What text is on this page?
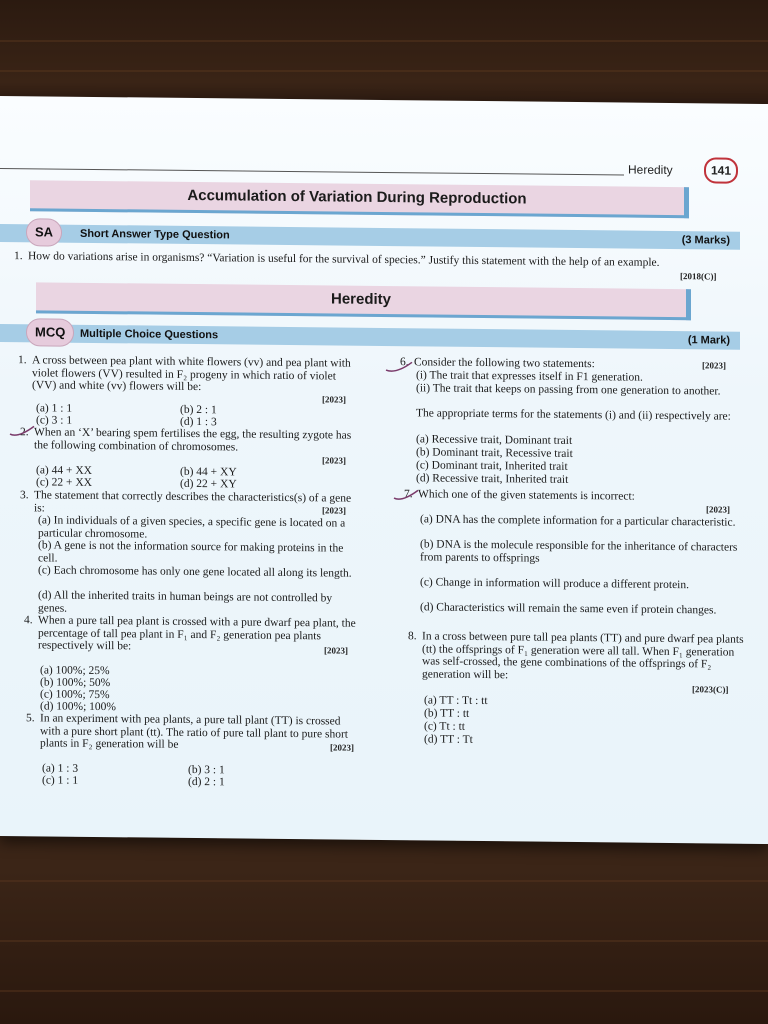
Heredity	141
Accumulation of Variation During Reproduction
SA	Short Answer Type Question	(3 Marks)
1. How do variations arise in organisms? “Variation is useful for the survival of species.” Justify this statement with the help of an example.
[2018(C)]
Heredity
MCQ	Multiple Choice Questions	(1 Mark)
1. A cross between pea plant with white flowers (vv) and pea plant with violet flowers (VV) resulted in F₂ progeny in which ratio of violet (VV) and white (vv) flowers will be:
[2023]
(a) 1 : 1	(b) 2 : 1
(c) 3 : 1	(d) 1 : 3
2. When an ‘X’ bearing spem fertilises the egg, the resulting zygote has the following combination of chromosomes.
[2023]
(a) 44 + XX	(b) 44 + XY
(c) 22 + XX	(d) 22 + XY
3. The statement that correctly describes the characteristics(s) of a gene is:	[2023]
(a) In individuals of a given species, a specific gene is located on a particular chromosome.
(b) A gene is not the information source for making proteins in the cell.
(c) Each chromosome has only one gene located all along its length.
(d) All the inherited traits in human beings are not controlled by genes.
4. When a pure tall pea plant is crossed with a pure dwarf pea plant, the percentage of tall pea plant in F₁ and F₂ generation pea plants respectively will be:	[2023]
(a) 100%; 25%
(b) 100%; 50%
(c) 100%; 75%
(d) 100%; 100%
5. In an experiment with pea plants, a pure tall plant (TT) is crossed with a pure short plant (tt). The ratio of pure tall plant to pure short plants in F₂ generation will be	[2023]
(a) 1 : 3	(b) 3 : 1
(c) 1 : 1	(d) 2 : 1
6. Consider the following two statements:	[2023]
(i) The trait that expresses itself in F1 generation.
(ii) The trait that keeps on passing from one generation to another.
The appropriate terms for the statements (i) and (ii) respectively are:
(a) Recessive trait, Dominant trait
(b) Dominant trait, Recessive trait
(c) Dominant trait, Inherited trait
(d) Recessive trait, Inherited trait
7. Which one of the given statements is incorrect:
[2023]
(a) DNA has the complete information for a particular characteristic.
(b) DNA is the molecule responsible for the inheritance of characters from parents to offsprings
(c) Change in information will produce a different protein.
(d) Characteristics will remain the same even if protein changes.
8. In a cross between pure tall pea plants (TT) and pure dwarf pea plants (tt) the offsprings of F₁ generation were all tall. When F₁ generation was self-crossed, the gene combinations of the offsprings of F₂ generation will be:
[2023(C)]
(a) TT : Tt : tt
(b) TT : tt
(c) Tt : tt
(d) TT : Tt
